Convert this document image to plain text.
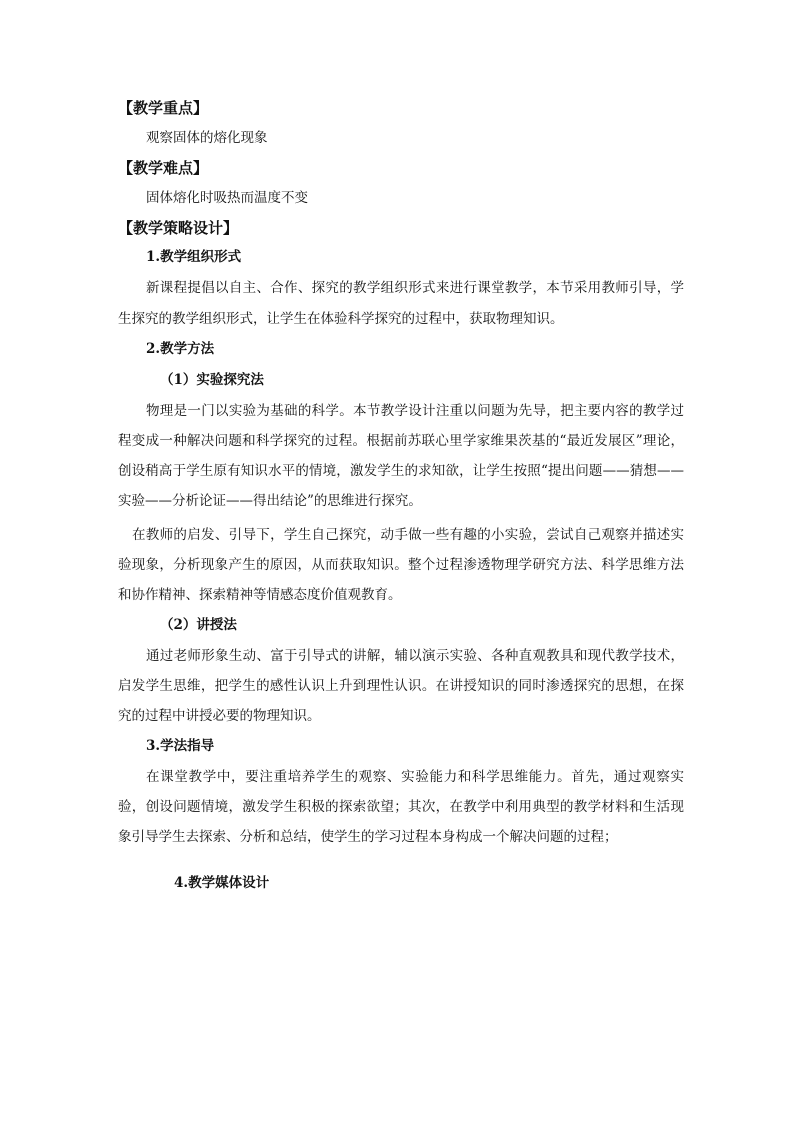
【教学重点】

观察固体的熔化现象

【教学难点】

固体熔化时吸热而温度不变

【教学策略设计】

1.教学组织形式

新课程提倡以自主、合作、探究的教学组织形式来进行课堂教学，本节采用教师引导，学生探究的教学组织形式，让学生在体验科学探究的过程中，获取物理知识。

2.教学方法

（1）实验探究法

物理是一门以实验为基础的科学。本节教学设计注重以问题为先导，把主要内容的教学过程变成一种解决问题和科学探究的过程。根据前苏联心里学家维果茨基的“最近发展区”理论，创设稍高于学生原有知识水平的情境，激发学生的求知欲，让学生按照“提出问题——猜想——实验——分析论证——得出结论”的思维进行探究。

在教师的启发、引导下，学生自己探究，动手做一些有趣的小实验，尝试自己观察并描述实验现象，分析现象产生的原因，从而获取知识。整个过程渗透物理学研究方法、科学思维方法和协作精神、探索精神等情感态度价值观教育。

（2）讲授法

通过老师形象生动、富于引导式的讲解，辅以演示实验、各种直观教具和现代教学技术，启发学生思维，把学生的感性认识上升到理性认识。在讲授知识的同时渗透探究的思想，在探究的过程中讲授必要的物理知识。

3.学法指导

在课堂教学中，要注重培养学生的观察、实验能力和科学思维能力。首先，通过观察实验，创设问题情境，激发学生积极的探索欲望；其次，在教学中利用典型的教学材料和生活现象引导学生去探索、分析和总结，使学生的学习过程本身构成一个解决问题的过程；

4.教学媒体设计
